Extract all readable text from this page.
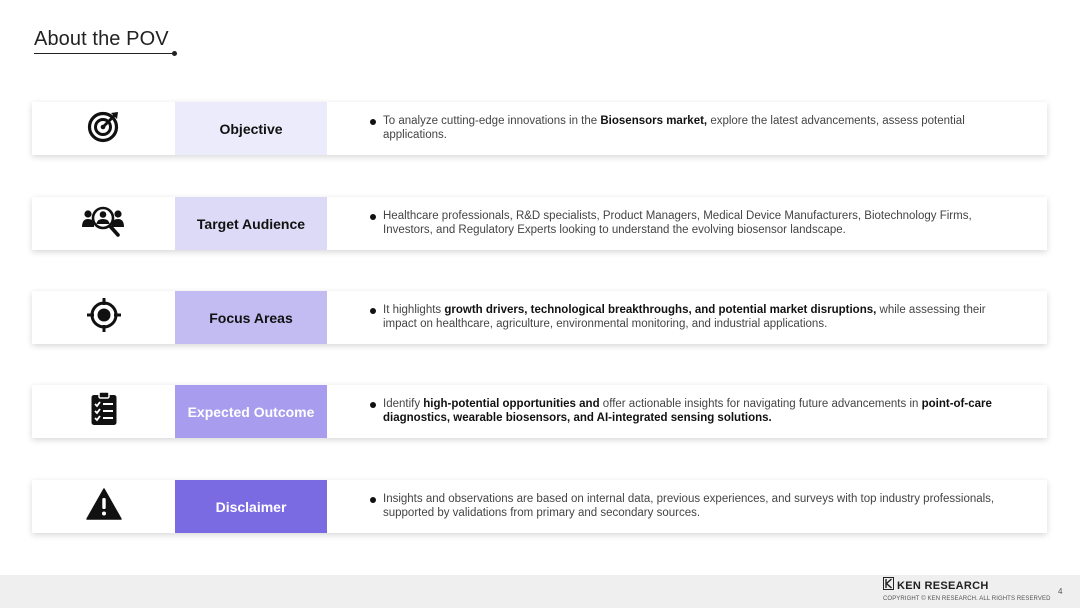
About the POV
Objective	To analyze cutting-edge innovations in the Biosensors market, explore the latest advancements, assess potential applications.
Target Audience	Healthcare professionals, R&D specialists, Product Managers, Medical Device Manufacturers, Biotechnology Firms, Investors, and Regulatory Experts looking to understand the evolving biosensor landscape.
Focus Areas	It highlights growth drivers, technological breakthroughs, and potential market disruptions, while assessing their impact on healthcare, agriculture, environmental monitoring, and industrial applications.
Expected Outcome	Identify high-potential opportunities and offer actionable insights for navigating future advancements in point-of-care diagnostics, wearable biosensors, and AI-integrated sensing solutions.
Disclaimer	Insights and observations are based on internal data, previous experiences, and surveys with top industry professionals, supported by validations from primary and secondary sources.
KEN RESEARCH
COPYRIGHT © KEN RESEARCH. ALL RIGHTS RESERVED
4
